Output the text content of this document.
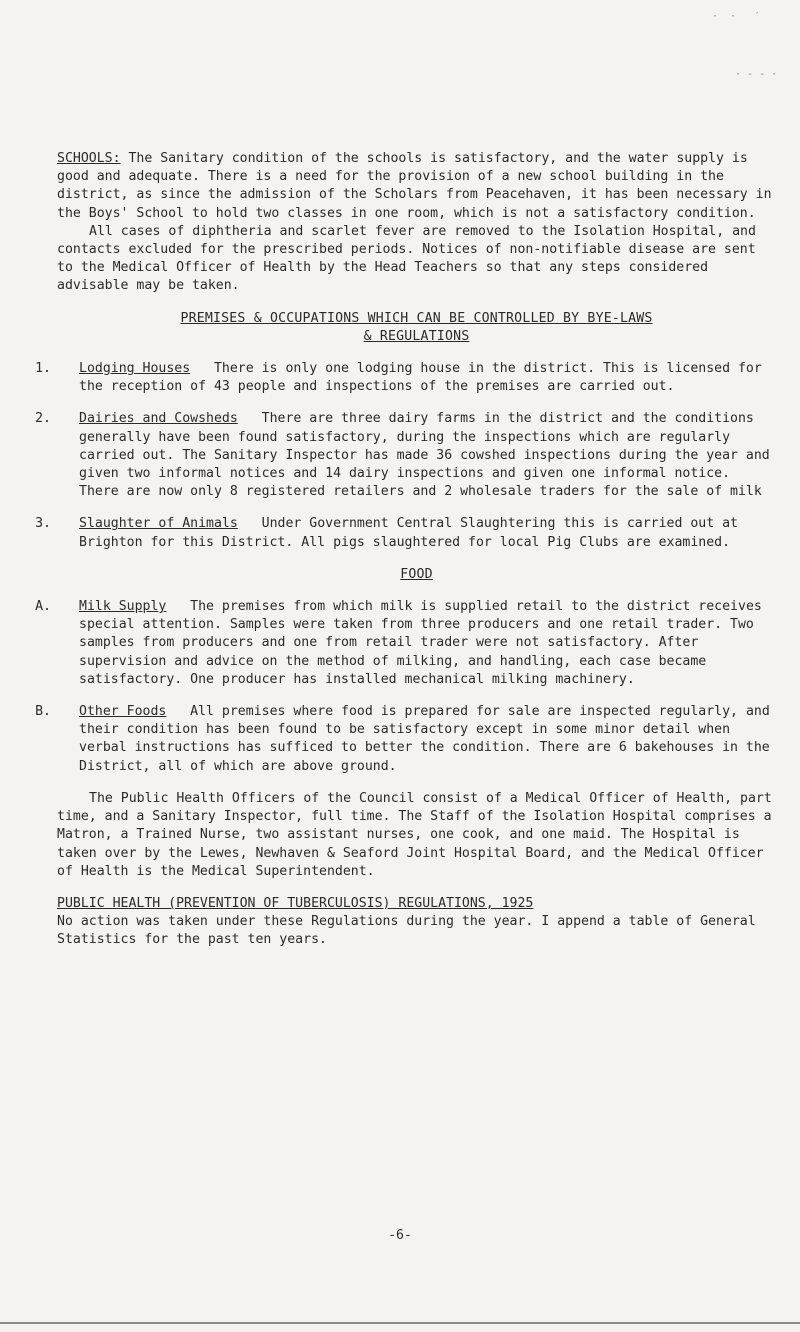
·  ·   ′
· - - ·

SCHOOLS: The Sanitary condition of the schools is satisfactory, and the water supply is good and adequate. There is a need for the provision of a new school building in the district, as since the admission of the Scholars from Peacehaven, it has been necessary in the Boys' School to hold two classes in one room, which is not a satisfactory condition.

All cases of diphtheria and scarlet fever are removed to the Isolation Hospital, and contacts excluded for the prescribed periods. Notices of non-notifiable disease are sent to the Medical Officer of Health by the Head Teachers so that any steps considered advisable may be taken.

PREMISES & OCCUPATIONS WHICH CAN BE CONTROLLED BY BYE-LAWS
& REGULATIONS
1. Lodging Houses There is only one lodging house in the district. This is licensed for the reception of 43 people and inspections of the premises are carried out.
2. Dairies and Cowsheds There are three dairy farms in the district and the conditions generally have been found satisfactory, during the inspections which are regularly carried out. The Sanitary Inspector has made 36 cowshed inspections during the year and given two informal notices and 14 dairy inspections and given one informal notice. There are now only 8 registered retailers and 2 wholesale traders for the sale of milk
3. Slaughter of Animals Under Government Central Slaughtering this is carried out at Brighton for this District. All pigs slaughtered for local Pig Clubs are examined.
FOOD
A. Milk Supply The premises from which milk is supplied retail to the district receives special attention. Samples were taken from three producers and one retail trader. Two samples from producers and one from retail trader were not satisfactory. After supervision and advice on the method of milking, and handling, each case became satisfactory. One producer has installed mechanical milking machinery.
B. Other Foods All premises where food is prepared for sale are inspected regularly, and their condition has been found to be satisfactory except in some minor detail when verbal instructions has sufficed to better the condition. There are 6 bakehouses in the District, all of which are above ground.

The Public Health Officers of the Council consist of a Medical Officer of Health, part time, and a Sanitary Inspector, full time. The Staff of the Isolation Hospital comprises a Matron, a Trained Nurse, two assistant nurses, one cook, and one maid. The Hospital is taken over by the Lewes, Newhaven & Seaford Joint Hospital Board, and the Medical Officer of Health is the Medical Superintendent.

PUBLIC HEALTH (PREVENTION OF TUBERCULOSIS) REGULATIONS, 1925

No action was taken under these Regulations during the year. I append a table of General Statistics for the past ten years.

-6-
